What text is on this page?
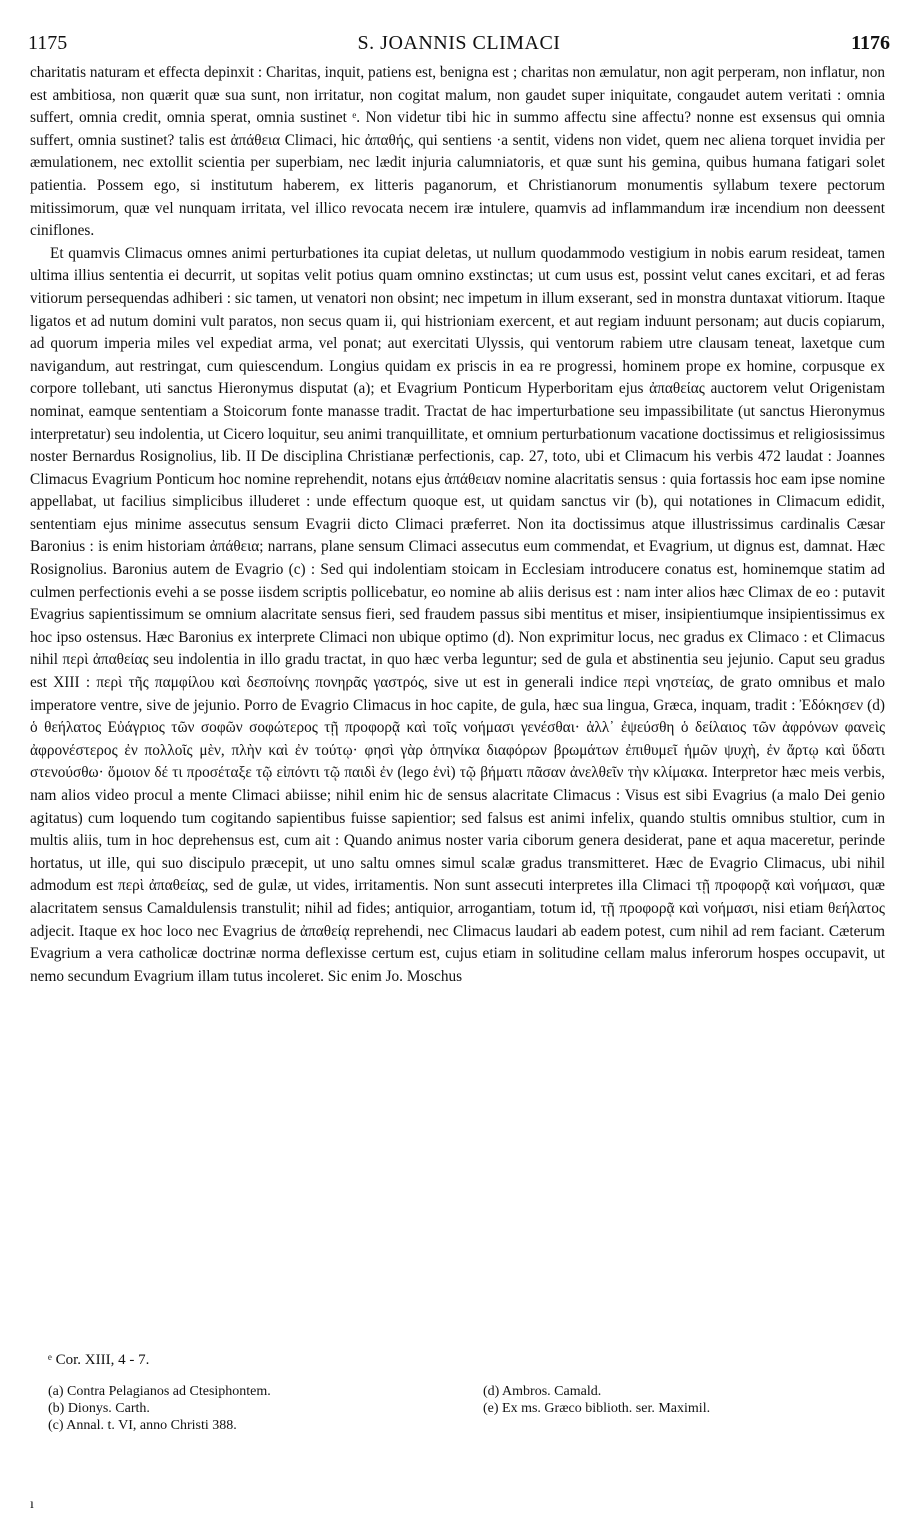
1175	S. JOANNIS CLIMACI	1176

charitatis naturam et effecta depinxit : Charitas, inquit, patiens est, benigna est ; charitas non æmulatur, non agit perperam, non inflatur, non est ambitiosa, non quærit quæ sua sunt, non irritatur, non cogitat malum, non gaudet super iniquitate, congaudet autem veritati : omnia suffert, omnia credit, omnia sperat, omnia sustinet ᵉ. Non videtur tibi hic in summo affectu sine affectu? nonne est exsensus qui omnia suffert, omnia sustinet? talis est ἀπάθεια Climaci, hic ἀπαθής, qui sentiens ·a sentit, videns non videt, quem nec aliena torquet invidia per æmulationem, nec extollit scientia per superbiam, nec lædit injuria calumniatoris, et quæ sunt his gemina, quibus humana fatigari solet patientia. Possem ego, si institutum haberem, ex litteris paganorum, et Christianorum monumentis syllabum texere pectorum mitissimorum, quæ vel nunquam irritata, vel illico revocata necem iræ intulere, quamvis ad inflammandum iræ incendium non deessent ciniflones.

Et quamvis Climacus omnes animi perturbationes ita cupiat deletas, ut nullum quodammodo vestigium in nobis earum resideat, tamen ultima illius sententia ei decurrit, ut sopitas velit potius quam omnino exstinctas; ut cum usus est, possint velut canes excitari, et ad feras vitiorum persequendas adhiberi : sic tamen, ut venatori non obsint; nec impetum in illum exserant, sed in monstra duntaxat vitiorum. Itaque ligatos et ad nutum domini vult paratos, non secus quam ii, qui histrioniam exercent, et aut regiam induunt personam; aut ducis copiarum, ad quorum imperia miles vel expediat arma, vel ponat; aut exercitati Ulyssis, qui ventorum rabiem utre clausam teneat, laxetque cum navigandum, aut restringat, cum quiescendum. Longius quidam ex priscis in ea re progressi, hominem prope ex homine, corpusque ex corpore tollebant, uti sanctus Hieronymus disputat (a); et Evagrium Ponticum Hyperboritam ejus ἀπαθείας auctorem velut Origenistam nominat, eamque sententiam a Stoicorum fonte manasse tradit. Tractat de hac imperturbatione seu impassibilitate (ut sanctus Hieronymus interpretatur) seu indolentia, ut Cicero loquitur, seu animi tranquillitate, et omnium perturbationum vacatione doctissimus et religiosissimus noster Bernardus Rosignolius, lib. II De disciplina Christianæ perfectionis, cap. 27, toto, ubi et Climacum his verbis 472 laudat : Joannes Climacus Evagrium Ponticum hoc nomine reprehendit, notans ejus ἀπάθειαν nomine alacritatis sensus : quia fortassis hoc eam ipse nomine appellabat, ut facilius simplicibus illuderet : unde effectum quoque est, ut quidam sanctus vir (b), qui notationes in Climacum edidit, sententiam ejus minime assecutus sensum Evagrii dicto Climaci præferret. Non ita doctissimus atque illustrissimus cardinalis Cæsar Baronius : is enim historiam ἀπάθεια; narrans, plane sensum Climaci assecutus eum commendat, et Evagrium, ut dignus est, damnat. Hæc Rosignolius. Baronius autem de Evagrio (c) : Sed qui indolentiam stoicam in Ecclesiam introducere conatus est, hominemque statim ad culmen perfectionis evehi a se posse iisdem scriptis pollicebatur, eo nomine ab aliis derisus est : nam inter alios hæc Climax de eo : putavit Evagrius sapientissimum se omnium alacritate sensus fieri, sed fraudem passus sibi mentitus et miser, insipientiumque insipientissimus ex hoc ipso ostensus. Hæc Baronius ex interprete Climaci non ubique optimo (d). Non exprimitur locus, nec gradus ex Climaco : et Climacus nihil περὶ ἀπαθείας seu indolentia in illo gradu tractat, in quo hæc verba leguntur; sed de gula et abstinentia seu jejunio. Caput seu gradus est XIII : περὶ τῆς παμφίλου καὶ δεσποίνης πονηρᾶς γαστρός, sive ut est in generali indice περὶ νηστείας, de grato omnibus et malo imperatore ventre, sive de jejunio. Porro de Evagrio Climacus in hoc capite, de gula, hæc sua lingua, Græca, inquam, tradit : Ἐδόκησεν (d) ὁ θεήλατος Εὐάγριος τῶν σοφῶν σοφώτερος τῇ προφορᾷ καὶ τοῖς νοήμασι γενέσθαι· ἀλλ᾽ ἐψεύσθη ὁ δείλαιος τῶν ἀφρόνων φανεὶς ἀφρονέστερος ἐν πολλοῖς μὲν, πλὴν καὶ ἐν τούτῳ· φησὶ γὰρ ὁπηνίκα διαφόρων βρωμάτων ἐπιθυμεῖ ἡμῶν ψυχὴ, ἐν ἄρτῳ καὶ ὕδατι στενούσθω· ὅμοιον δέ τι προσέταξε τῷ εἰπόντι τῷ παιδὶ ἐν (lego ἑνὶ) τῷ βήματι πᾶσαν ἀνελθεῖν τὴν κλίμακα. Interpretor hæc meis verbis, nam alios video procul a mente Climaci abiisse; nihil enim hic de sensus alacritate Climacus : Visus est sibi Evagrius (a malo Dei genio agitatus) cum loquendo tum cogitando sapientibus fuisse sapientior; sed falsus est animi infelix, quando stultis omnibus stultior, cum in multis aliis, tum in hoc deprehensus est, cum ait : Quando animus noster varia ciborum genera desiderat, pane et aqua maceretur, perinde hortatus, ut ille, qui suo discipulo præcepit, ut uno saltu omnes simul scalæ gradus transmitteret. Hæc de Evagrio Climacus, ubi nihil admodum est περὶ ἀπαθείας, sed de gulæ, ut vides, irritamentis. Non sunt assecuti interpretes illa Climaci τῇ προφορᾷ καὶ νοήμασι, quæ alacritatem sensus Camaldulensis transtulit; nihil ad fides; antiquior, arrogantiam, totum id, τῇ προφορᾷ καὶ νοήμασι, nisi etiam θεήλατος adjecit. Itaque ex hoc loco nec Evagrius de ἀπαθείᾳ reprehendi, nec Climacus laudari ab eadem potest, cum nihil ad rem faciant. Cæterum Evagrium a vera catholicæ doctrinæ norma deflexisse certum est, cujus etiam in solitudine cellam malus inferorum hospes occupavit, ut nemo secundum Evagrium illam tutus incoleret. Sic enim Jo. Moschus

ᵉ Cor. XIII, 4 - 7.
(a) Contra Pelagianos ad Ctesiphontem.
(b) Dionys. Carth.
(c) Annal. t. VI, anno Christi 388.
(d) Ambros. Camald.
(e) Ex ms. Græco biblioth. ser. Maximil.
ı
